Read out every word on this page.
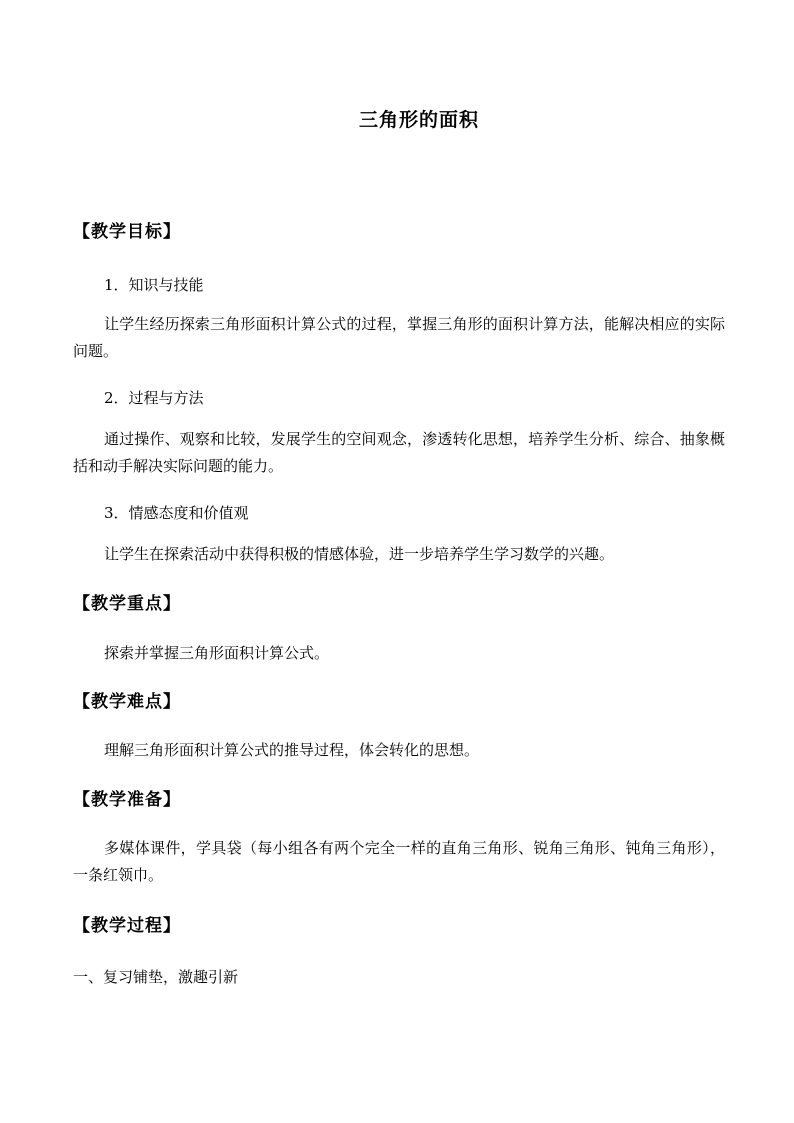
三角形的面积
【教学目标】
1．知识与技能
让学生经历探索三角形面积计算公式的过程，掌握三角形的面积计算方法，能解决相应的实际问题。
2．过程与方法
通过操作、观察和比较，发展学生的空间观念，渗透转化思想，培养学生分析、综合、抽象概括和动手解决实际问题的能力。
3．情感态度和价值观
让学生在探索活动中获得积极的情感体验，进一步培养学生学习数学的兴趣。
【教学重点】
探索并掌握三角形面积计算公式。
【教学难点】
理解三角形面积计算公式的推导过程，体会转化的思想。
【教学准备】
多媒体课件，学具袋（每小组各有两个完全一样的直角三角形、锐角三角形、钝角三角形），一条红领巾。
【教学过程】
一、复习铺垫，激趣引新
